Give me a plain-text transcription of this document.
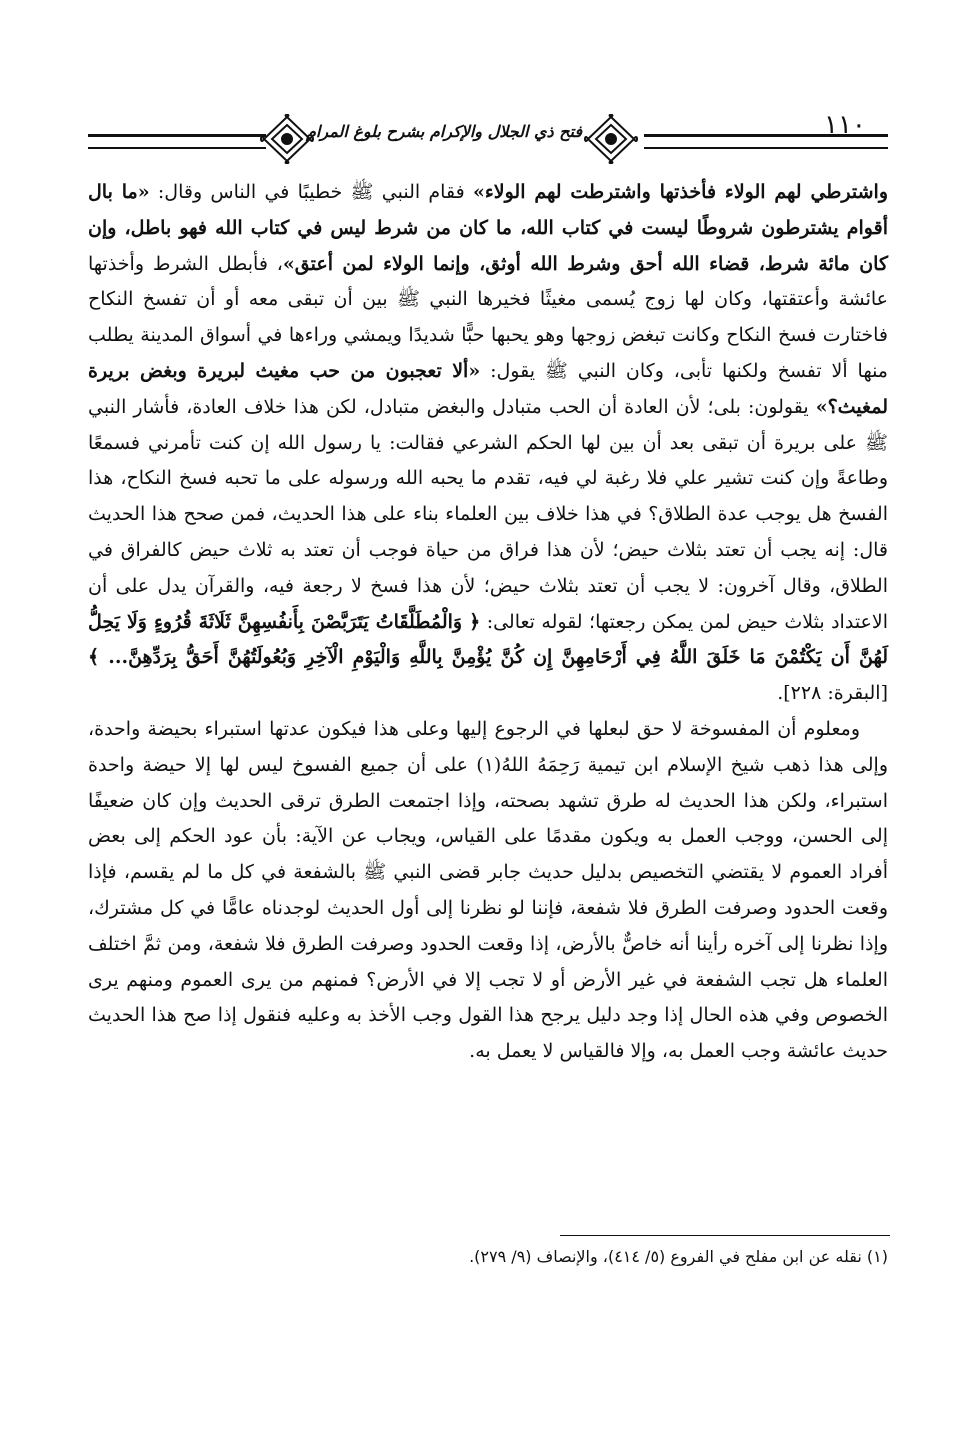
١١٠
فتح ذي الجلال والإكرام بشرح بلوغ المرام

واشترطي لهم الولاء فأخذتها واشترطت لهم الولاء» فقام النبي ﷺ خطيبًا في الناس وقال: «ما بال أقوام يشترطون شروطًا ليست في كتاب الله، ما كان من شرط ليس في كتاب الله فهو باطل، وإن كان مائة شرط، قضاء الله أحق وشرط الله أوثق، وإنما الولاء لمن أعتق»، فأبطل الشرط وأخذتها عائشة وأعتقتها، وكان لها زوج يُسمى مغيثًا فخيرها النبي ﷺ بين أن تبقى معه أو أن تفسخ النكاح فاختارت فسخ النكاح وكانت تبغض زوجها وهو يحبها حبًّا شديدًا ويمشي وراءها في أسواق المدينة يطلب منها ألا تفسخ ولكنها تأبى، وكان النبي ﷺ يقول: «ألا تعجبون من حب مغيث لبريرة وبغض بريرة لمغيث؟» يقولون: بلى؛ لأن العادة أن الحب متبادل والبغض متبادل، لكن هذا خلاف العادة، فأشار النبي ﷺ على بريرة أن تبقى بعد أن بين لها الحكم الشرعي فقالت: يا رسول الله إن كنت تأمرني فسمعًا وطاعةً وإن كنت تشير علي فلا رغبة لي فيه، تقدم ما يحبه الله ورسوله على ما تحبه فسخ النكاح، هذا الفسخ هل يوجب عدة الطلاق؟ في هذا خلاف بين العلماء بناء على هذا الحديث، فمن صحح هذا الحديث قال: إنه يجب أن تعتد بثلاث حيض؛ لأن هذا فراق من حياة فوجب أن تعتد به ثلاث حيض كالفراق في الطلاق، وقال آخرون: لا يجب أن تعتد بثلاث حيض؛ لأن هذا فسخ لا رجعة فيه، والقرآن يدل على أن الاعتداد بثلاث حيض لمن يمكن رجعتها؛ لقوله تعالى: ﴿ وَالْمُطَلَّقَاتُ يَتَرَبَّصْنَ بِأَنفُسِهِنَّ ثَلَاثَةَ قُرُوءٍ وَلَا يَحِلُّ لَهُنَّ أَن يَكْتُمْنَ مَا خَلَقَ اللَّهُ فِي أَرْحَامِهِنَّ إِن كُنَّ يُؤْمِنَّ بِاللَّهِ وَالْيَوْمِ الْآخِرِ وَبُعُولَتُهُنَّ أَحَقُّ بِرَدِّهِنَّ... ﴾ [البقرة: ٢٢٨].

ومعلوم أن المفسوخة لا حق لبعلها في الرجوع إليها وعلى هذا فيكون عدتها استبراء بحيضة واحدة، وإلى هذا ذهب شيخ الإسلام ابن تيمية رَحِمَهُ اللهُ(١) على أن جميع الفسوخ ليس لها إلا حيضة واحدة استبراء، ولكن هذا الحديث له طرق تشهد بصحته، وإذا اجتمعت الطرق ترقى الحديث وإن كان ضعيفًا إلى الحسن، ووجب العمل به ويكون مقدمًا على القياس، ويجاب عن الآية: بأن عود الحكم إلى بعض أفراد العموم لا يقتضي التخصيص بدليل حديث جابر قضى النبي ﷺ بالشفعة في كل ما لم يقسم، فإذا وقعت الحدود وصرفت الطرق فلا شفعة، فإننا لو نظرنا إلى أول الحديث لوجدناه عامًّا في كل مشترك، وإذا نظرنا إلى آخره رأينا أنه خاصٌّ بالأرض، إذا وقعت الحدود وصرفت الطرق فلا شفعة، ومن ثمَّ اختلف العلماء هل تجب الشفعة في غير الأرض أو لا تجب إلا في الأرض؟ فمنهم من يرى العموم ومنهم يرى الخصوص وفي هذه الحال إذا وجد دليل يرجح هذا القول وجب الأخذ به وعليه فنقول إذا صح هذا الحديث حديث عائشة وجب العمل به، وإلا فالقياس لا يعمل به.

(١) نقله عن ابن مفلح في الفروع (٥/ ٤١٤)، والإنصاف (٩/ ٢٧٩).
